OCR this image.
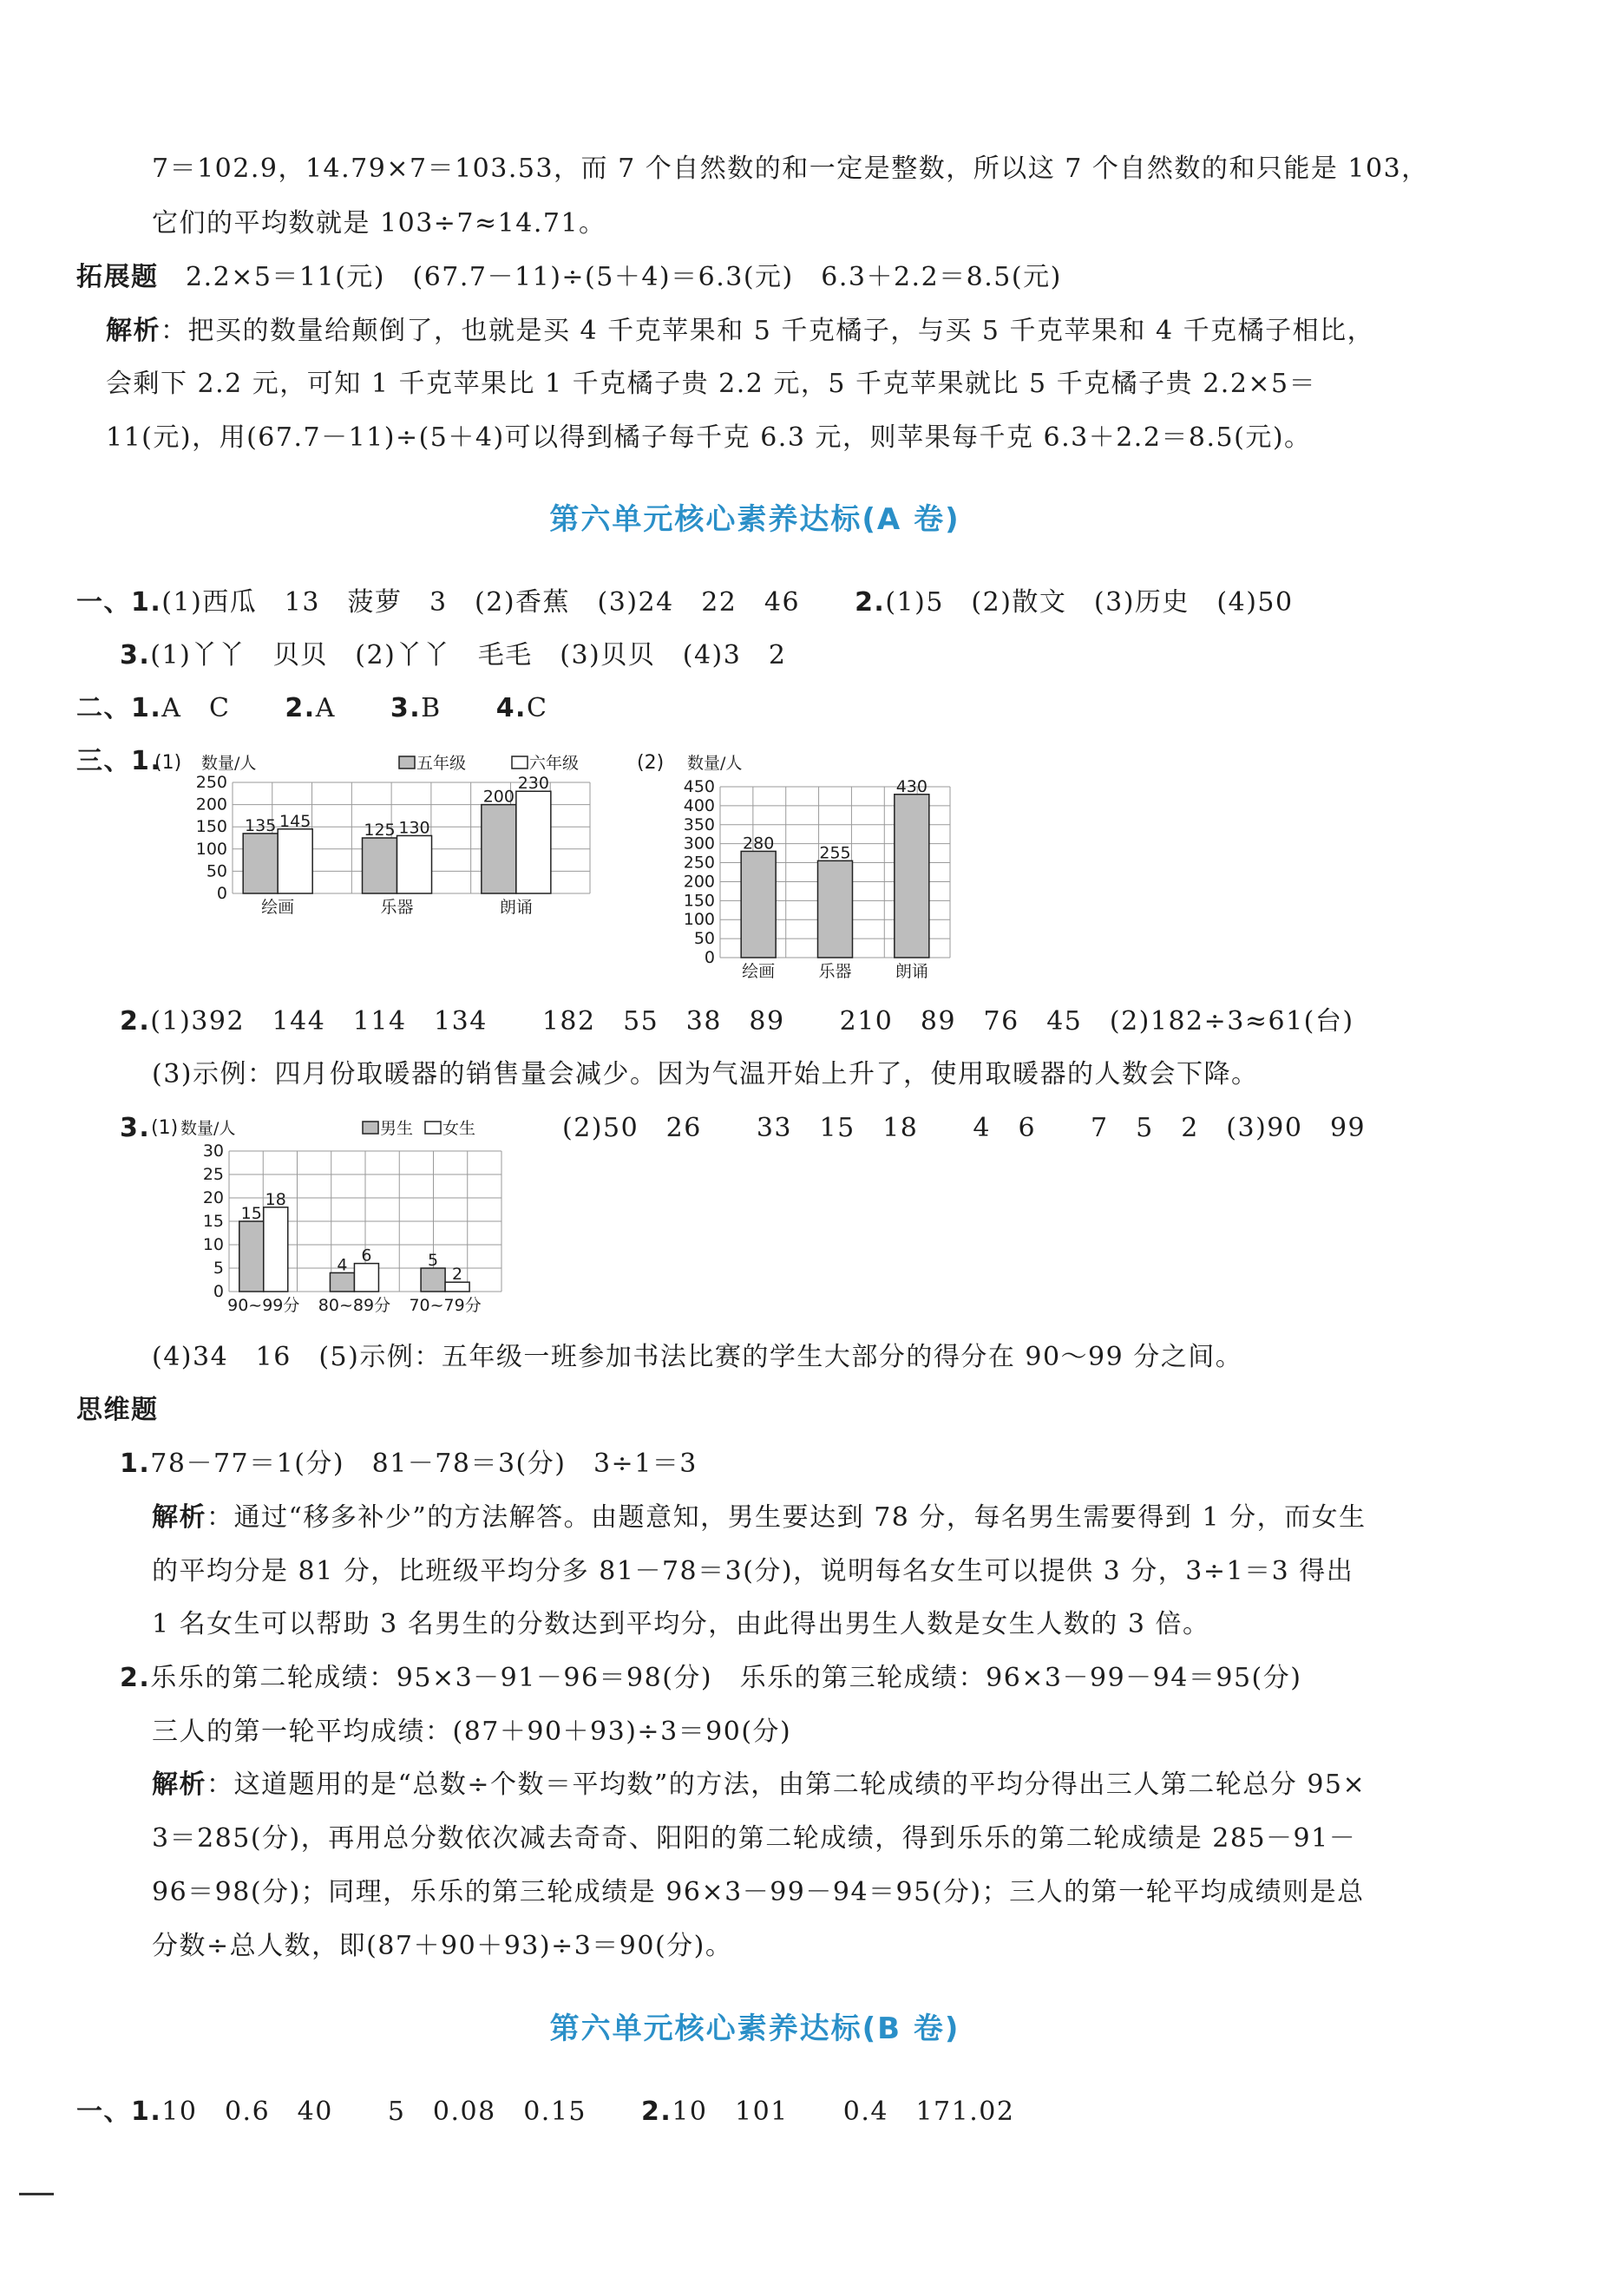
7＝102.9，14.79×7＝103.53，而 7 个自然数的和一定是整数，所以这 7 个自然数的和只能是 103，
它们的平均数就是 103÷7≈14.71。
拓展题　 2.2×5＝11(元)　(67.7－11)÷(5＋4)＝6.3(元)　6.3＋2.2＝8.5(元)
解析：把买的数量给颠倒了，也就是买 4 千克苹果和 5 千克橘子，与买 5 千克苹果和 4 千克橘子相比，
会剩下 2.2 元，可知 1 千克苹果比 1 千克橘子贵 2.2 元，5 千克苹果就比 5 千克橘子贵 2.2×5＝
11(元)，用(67.7－11)÷(5＋4)可以得到橘子每千克 6.3 元，则苹果每千克 6.3＋2.2＝8.5(元)。
第六单元核心素养达标(A 卷)
一、1.(1)西瓜　13　菠萝　3　(2)香蕉　(3)24　22　46　　 2.(1)5　(2)散文　(3)历史　(4)50
3.(1)丫丫　贝贝　(2)丫丫　毛毛　(3)贝贝　(4)3　2
二、1.A　C　　 2.A　　 3.B　　 4.C
三、1.
(1) 数量/人	五年级	六年级
0
50
100
150
200
250
135 145	125 130
200
230
绘画	乐器	朗诵
(2) 数量/人
0
50
100
150
200
250
300
350
400
450
280	255
430
绘画	乐器	朗诵
2.(1)392　144　114　134　　182　55　38　89　　210　89　76　45　(2)182÷3≈61(台)
(3)示例：四月份取暖器的销售量会减少。因为气温开始上升了，使用取暖器的人数会下降。
3. (1) 数量/人	男生 女生
0
5
10
15
20
25
30
15
18
4 6	5
2
90~99分 80~89分 70~79分
(2)50　26　　33　15　18　　4　6　　7　5　2　(3)90　99
(4)34　16　(5)示例：五年级一班参加书法比赛的学生大部分的得分在 90～99 分之间。
思维题
1.78－77＝1(分)　81－78＝3(分)　3÷1＝3
解析：通过“移多补少”的方法解答。由题意知，男生要达到 78 分，每名男生需要得到 1 分，而女生
的平均分是 81 分，比班级平均分多 81－78＝3(分)，说明每名女生可以提供 3 分，3÷1＝3 得出
1 名女生可以帮助 3 名男生的分数达到平均分，由此得出男生人数是女生人数的 3 倍。
2.乐乐的第二轮成绩：95×3－91－96＝98(分)　乐乐的第三轮成绩：96×3－99－94＝95(分)
三人的第一轮平均成绩：(87＋90＋93)÷3＝90(分)
解析：这道题用的是“总数÷个数＝平均数”的方法，由第二轮成绩的平均分得出三人第二轮总分 95×
3＝285(分)，再用总分数依次减去奇奇、阳阳的第二轮成绩，得到乐乐的第二轮成绩是 285－91－
96＝98(分)；同理，乐乐的第三轮成绩是 96×3－99－94＝95(分)；三人的第一轮平均成绩则是总
分数÷总人数，即(87＋90＋93)÷3＝90(分)。
第六单元核心素养达标(B 卷)
一、1.10　0.6　40　　5　0.08　0.15　　 2.10　101　　0.4　171.02
